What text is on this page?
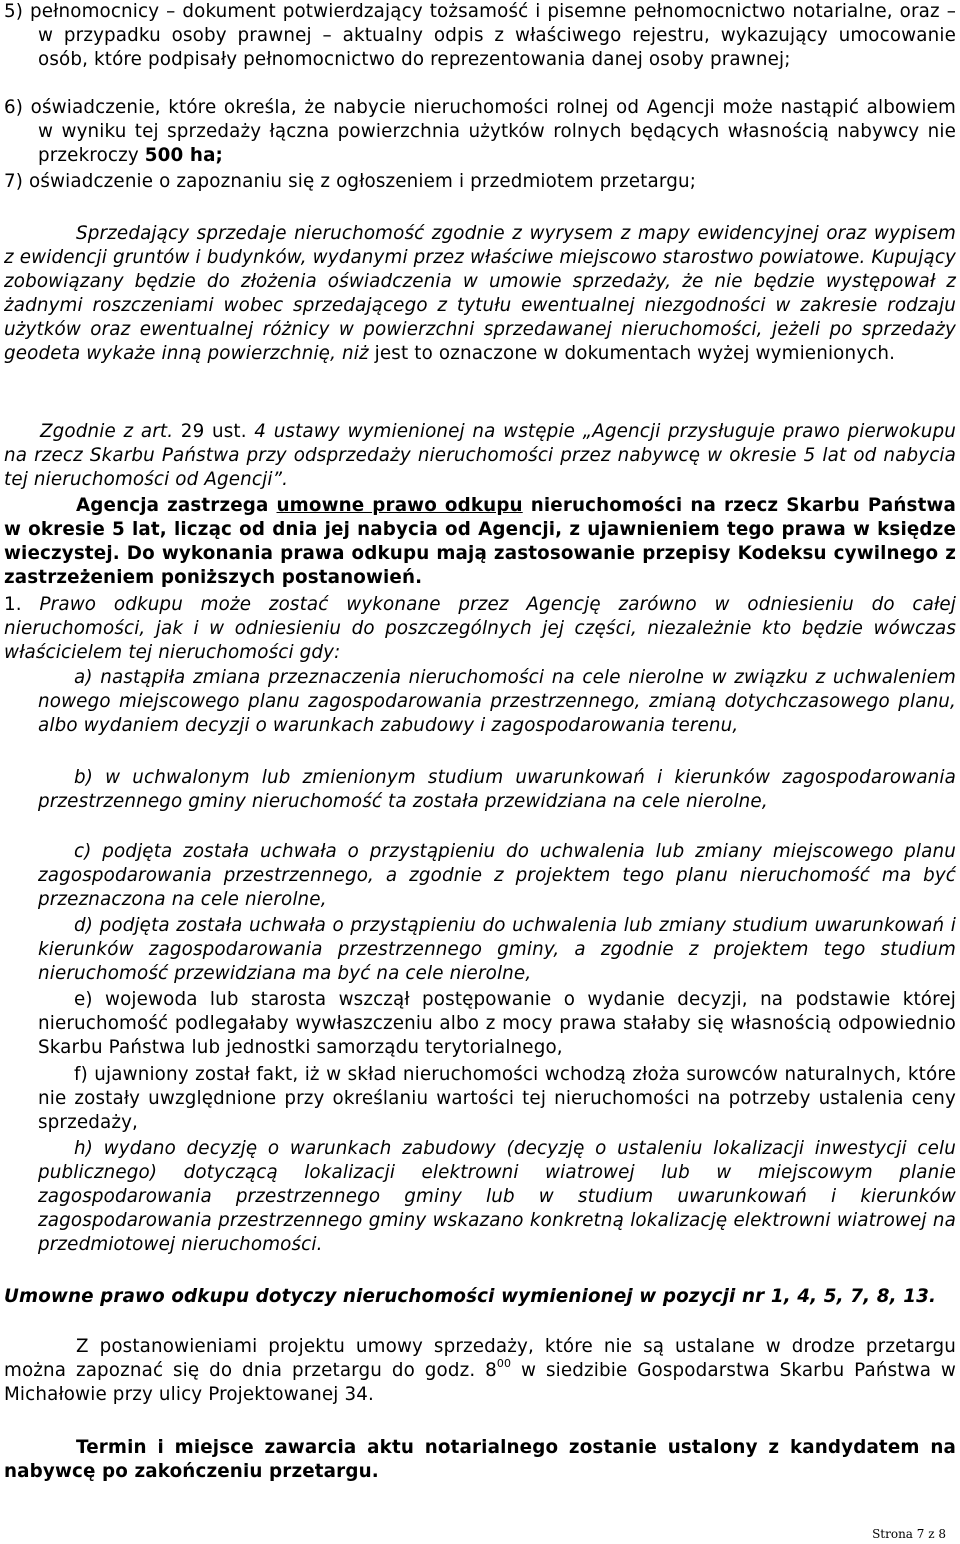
5) pełnomocnicy – dokument potwierdzający tożsamość i pisemne pełnomocnictwo notarialne, oraz – w przypadku osoby prawnej – aktualny odpis z właściwego rejestru, wykazujący umocowanie osób, które podpisały pełnomocnictwo do reprezentowania danej osoby prawnej;
6) oświadczenie, które określa, że nabycie nieruchomości rolnej od Agencji może nastąpić albowiem w wyniku tej sprzedaży łączna powierzchnia użytków rolnych będących własnością nabywcy nie przekroczy 500 ha;
7) oświadczenie o zapoznaniu się z ogłoszeniem i przedmiotem przetargu;
Sprzedający sprzedaje nieruchomość zgodnie z wyrysem z mapy ewidencyjnej oraz wypisem z ewidencji gruntów i budynków, wydanymi przez właściwe miejscowo starostwo powiatowe. Kupujący zobowiązany będzie do złożenia oświadczenia w umowie sprzedaży, że nie będzie występował z żadnymi roszczeniami wobec sprzedającego z tytułu ewentualnej niezgodności w zakresie rodzaju użytków oraz ewentualnej różnicy w powierzchni sprzedawanej nieruchomości, jeżeli po sprzedaży geodeta wykaże inną powierzchnię, niż jest to oznaczone w dokumentach wyżej wymienionych.
Zgodnie z art. 29 ust. 4 ustawy wymienionej na wstępie „Agencji przysługuje prawo pierwokupu na rzecz Skarbu Państwa przy odsprzedaży nieruchomości przez nabywcę w okresie 5 lat od nabycia tej nieruchomości od Agencji”.
Agencja zastrzega umowne prawo odkupu nieruchomości na rzecz Skarbu Państwa w okresie 5 lat, licząc od dnia jej nabycia od Agencji, z ujawnieniem tego prawa w księdze wieczystej. Do wykonania prawa odkupu mają zastosowanie przepisy Kodeksu cywilnego z zastrzeżeniem poniższych postanowień.
1. Prawo odkupu może zostać wykonane przez Agencję zarówno w odniesieniu do całej nieruchomości, jak i w odniesieniu do poszczególnych jej części, niezależnie kto będzie wówczas właścicielem tej nieruchomości gdy:
a) nastąpiła zmiana przeznaczenia nieruchomości na cele nierolne w związku z uchwaleniem nowego miejscowego planu zagospodarowania przestrzennego, zmianą dotychczasowego planu, albo wydaniem decyzji o warunkach zabudowy i zagospodarowania terenu,
b) w uchwalonym lub zmienionym studium uwarunkowań i kierunków zagospodarowania przestrzennego gminy nieruchomość ta została przewidziana na cele nierolne,
c) podjęta została uchwała o przystąpieniu do uchwalenia lub zmiany miejscowego planu zagospodarowania przestrzennego, a zgodnie z projektem tego planu nieruchomość ma być przeznaczona na cele nierolne,
d) podjęta została uchwała o przystąpieniu do uchwalenia lub zmiany studium uwarunkowań i kierunków zagospodarowania przestrzennego gminy, a zgodnie z projektem tego studium nieruchomość przewidziana ma być na cele nierolne,
e) wojewoda lub starosta wszczął postępowanie o wydanie decyzji, na podstawie której nieruchomość podlegałaby wywłaszczeniu albo z mocy prawa stałaby się własnością odpowiednio Skarbu Państwa lub jednostki samorządu terytorialnego,
f) ujawniony został fakt, iż w skład nieruchomości wchodzą złoża surowców naturalnych, które nie zostały uwzględnione przy określaniu wartości tej nieruchomości na potrzeby ustalenia ceny sprzedaży,
h) wydano decyzję o warunkach zabudowy (decyzję o ustaleniu lokalizacji inwestycji celu publicznego) dotyczącą lokalizacji elektrowni wiatrowej lub w miejscowym planie zagospodarowania przestrzennego gminy lub w studium uwarunkowań i kierunków zagospodarowania przestrzennego gminy wskazano konkretną lokalizację elektrowni wiatrowej na przedmiotowej nieruchomości.
Umowne prawo odkupu dotyczy nieruchomości wymienionej w pozycji nr 1, 4, 5, 7, 8, 13.
Z postanowieniami projektu umowy sprzedaży, które nie są ustalane w drodze przetargu można zapoznać się do dnia przetargu do godz. $8^{00}$ w siedzibie Gospodarstwa Skarbu Państwa w Michałowie przy ulicy Projektowanej 34.
Termin i miejsce zawarcia aktu notarialnego zostanie ustalony z kandydatem na nabywcę po zakończeniu przetargu.
Strona 7 z 8
